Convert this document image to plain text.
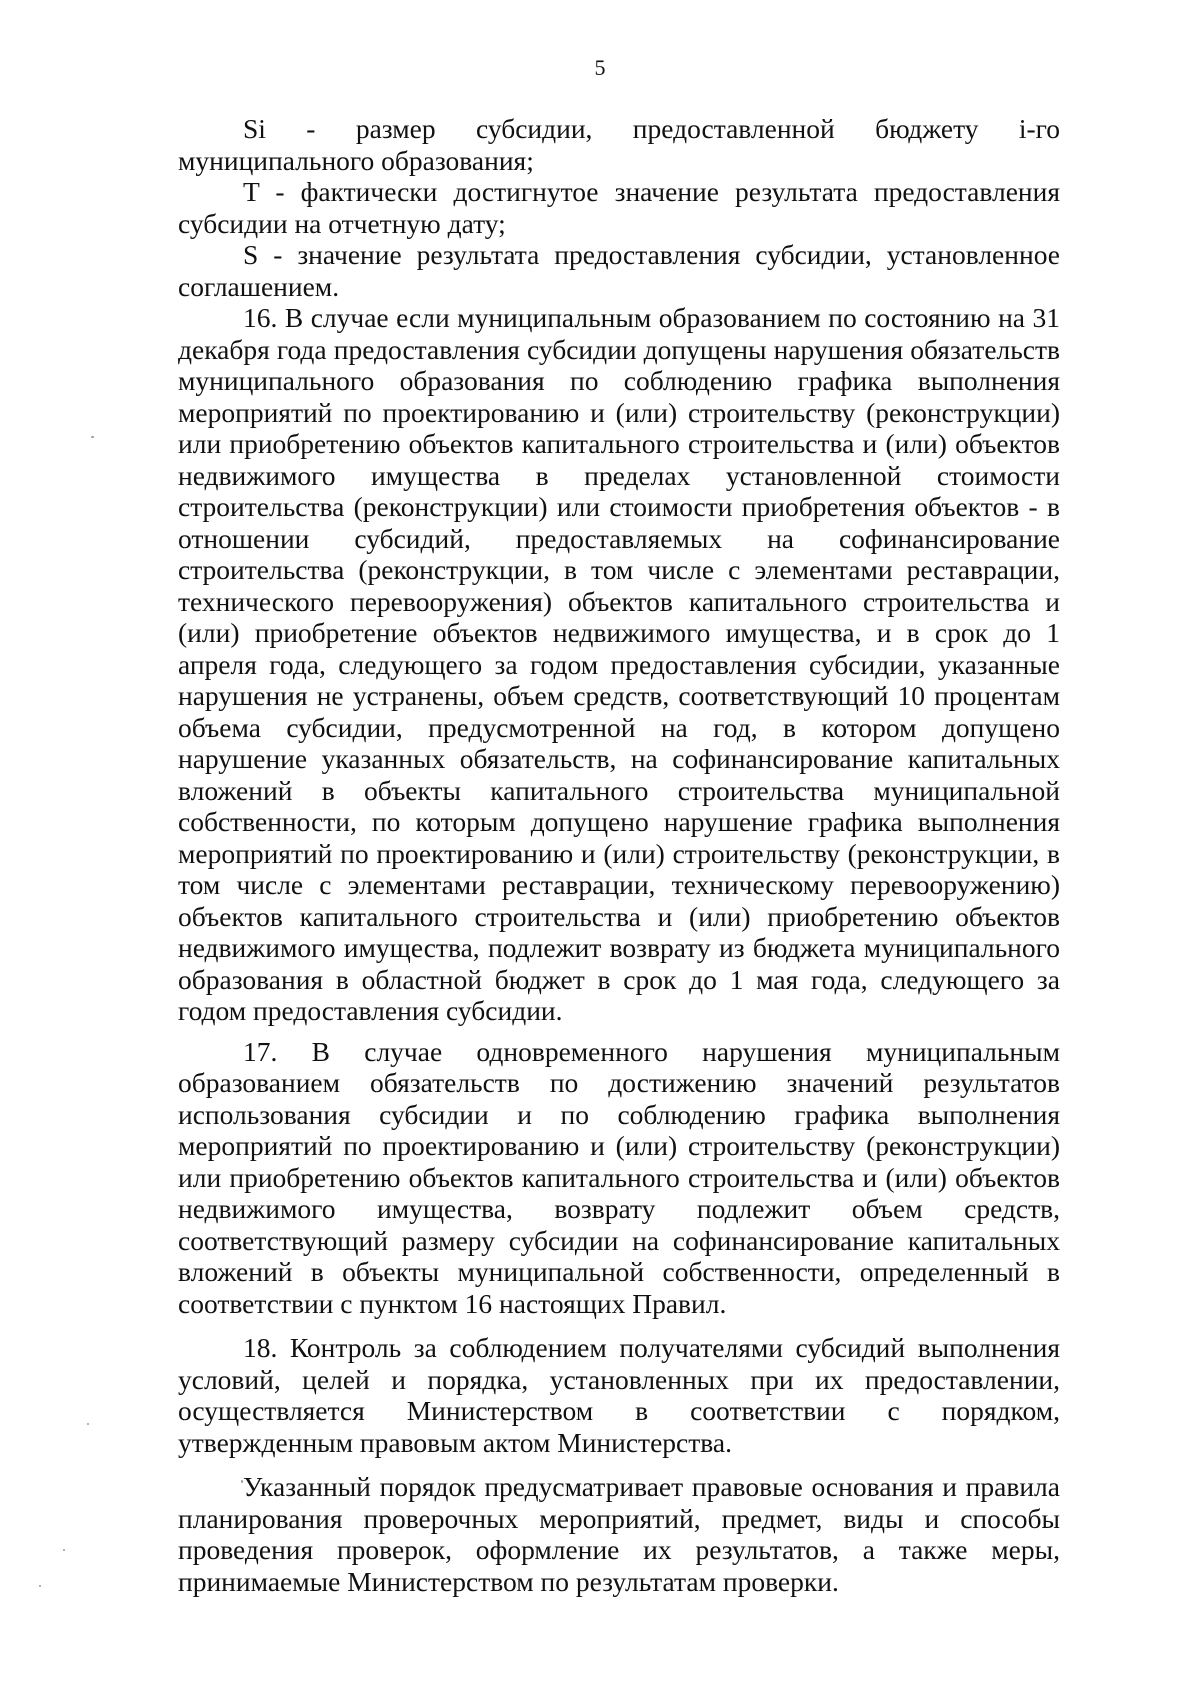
5

Si - размер субсидии, предоставленной бюджету i-го муниципального образования;

T - фактически достигнутое значение результата предоставления субсидии на отчетную дату;

S - значение результата предоставления субсидии, установленное соглашением.

16. В случае если муниципальным образованием по состоянию на 31 декабря года предоставления субсидии допущены нарушения обязательств муниципального образования по соблюдению графика выполнения мероприятий по проектированию и (или) строительству (реконструкции) или приобретению объектов капитального строительства и (или) объектов недвижимого имущества в пределах установленной стоимости строительства (реконструкции) или стоимости приобретения объектов - в отношении субсидий, предоставляемых на софинансирование строительства (реконструкции, в том числе с элементами реставрации, технического перевооружения) объектов капитального строительства и (или) приобретение объектов недвижимого имущества, и в срок до 1 апреля года, следующего за годом предоставления субсидии, указанные нарушения не устранены, объем средств, соответствующий 10 процентам объема субсидии, предусмотренной на год, в котором допущено нарушение указанных обязательств, на софинансирование капитальных вложений в объекты капитального строительства муниципальной собственности, по которым допущено нарушение графика выполнения мероприятий по проектированию и (или) строительству (реконструкции, в том числе с элементами реставрации, техническому перевооружению) объектов капитального строительства и (или) приобретению объектов недвижимого имущества, подлежит возврату из бюджета муниципального образования в областной бюджет в срок до 1 мая года, следующего за годом предоставления субсидии.

17. В случае одновременного нарушения муниципальным образованием обязательств по достижению значений результатов использования субсидии и по соблюдению графика выполнения мероприятий по проектированию и (или) строительству (реконструкции) или приобретению объектов капитального строительства и (или) объектов недвижимого имущества, возврату подлежит объем средств, соответствующий размеру субсидии на софинансирование капитальных вложений в объекты муниципальной собственности, определенный в соответствии с пунктом 16 настоящих Правил.

18. Контроль за соблюдением получателями субсидий выполнения условий, целей и порядка, установленных при их предоставлении, осуществляется Министерством в соответствии с порядком, утвержденным правовым актом Министерства.

Указанный порядок предусматривает правовые основания и правила планирования проверочных мероприятий, предмет, виды и способы проведения проверок, оформление их результатов, а также меры, принимаемые Министерством по результатам проверки.
